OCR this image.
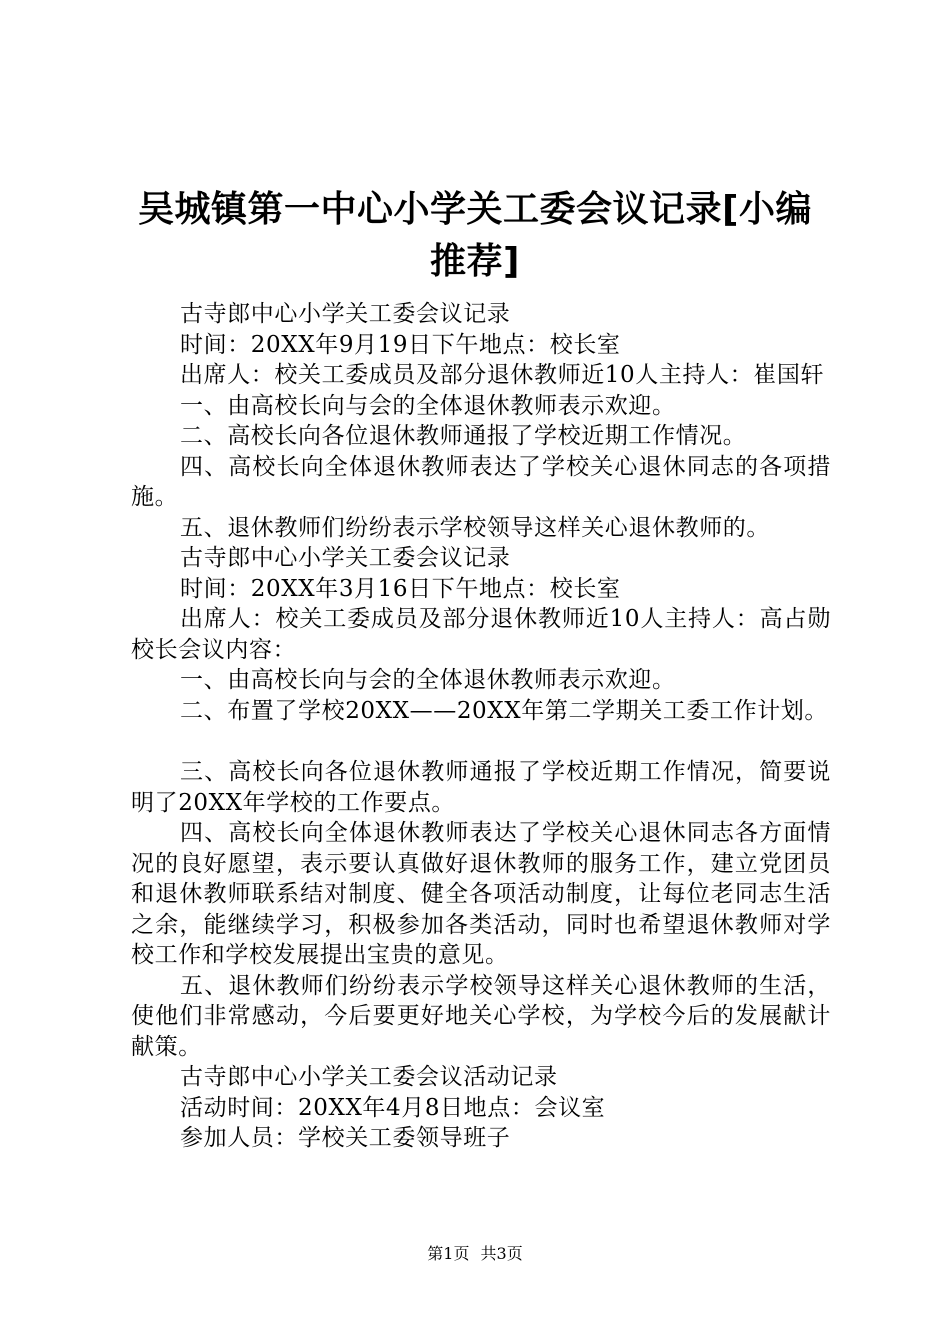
吴城镇第一中心小学关工委会议记录[小编推荐]

古寺郎中心小学关工委会议记录

时间：20XX年9月19日下午地点：校长室

出席人：校关工委成员及部分退休教师近10人主持人：崔国轩

一、由高校长向与会的全体退休教师表示欢迎。

二、高校长向各位退休教师通报了学校近期工作情况。

四、高校长向全体退休教师表达了学校关心退休同志的各项措施。

五、退休教师们纷纷表示学校领导这样关心退休教师的。

古寺郎中心小学关工委会议记录

时间：20XX年3月16日下午地点：校长室

出席人：校关工委成员及部分退休教师近10人主持人：高占勋校长会议内容：

一、由高校长向与会的全体退休教师表示欢迎。

二、布置了学校20XX——20XX年第二学期关工委工作计划。

三、高校长向各位退休教师通报了学校近期工作情况，简要说明了20XX年学校的工作要点。

四、高校长向全体退休教师表达了学校关心退休同志各方面情况的良好愿望，表示要认真做好退休教师的服务工作，建立党团员和退休教师联系结对制度、健全各项活动制度，让每位老同志生活之余，能继续学习，积极参加各类活动，同时也希望退休教师对学校工作和学校发展提出宝贵的意见。

五、退休教师们纷纷表示学校领导这样关心退休教师的生活，使他们非常感动，今后要更好地关心学校，为学校今后的发展献计献策。

古寺郎中心小学关工委会议活动记录

活动时间：20XX年4月8日地点：会议室

参加人员：学校关工委领导班子

第1页 共3页
